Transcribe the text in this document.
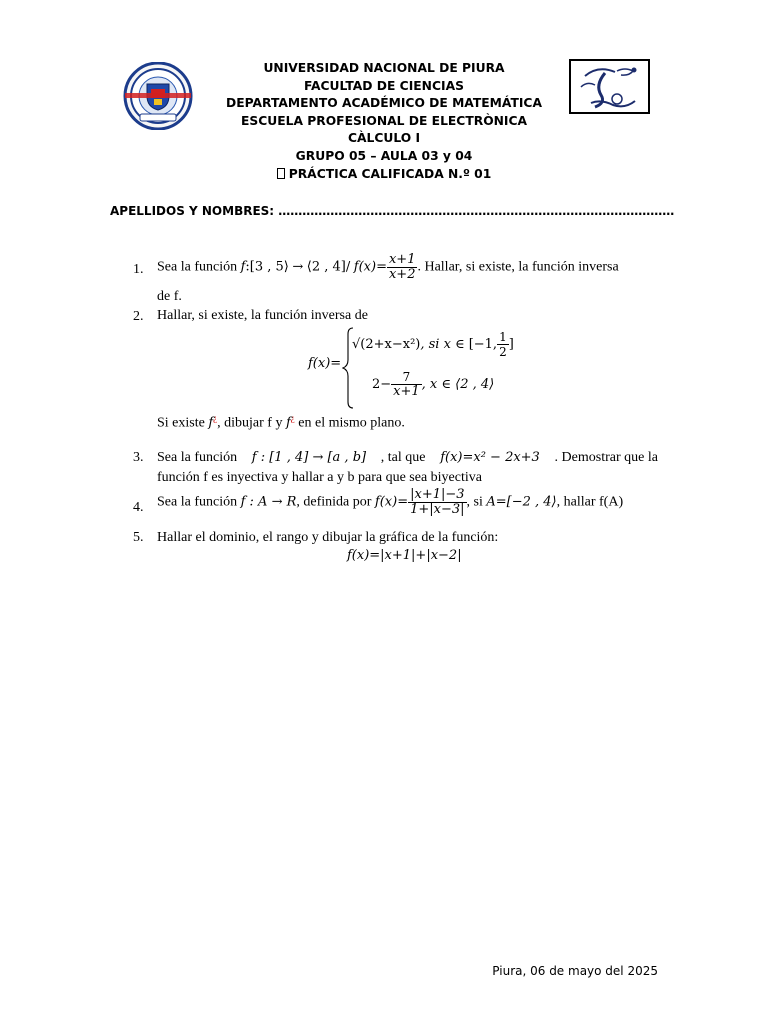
UNIVERSIDAD NACIONAL DE PIURA
FACULTAD DE CIENCIAS
DEPARTAMENTO ACADÉMICO DE MATEMÁTICA
ESCUELA PROFESIONAL DE ELECTRÒNICA
CÀLCULO I
GRUPO 05 – AULA 03 y 04
PRÁCTICA CALIFICADA N.º 01
APELLIDOS Y NOMBRES: ………………………………………………………………………………………
1. Sea la función f:[3 , 5⟩ → ⟨2 , 4]/ $f(x)= \frac{x+1}{x+2}$ . Hallar, si existe, la función inversa
de f.
2. Hallar, si existe, la función inversa de
f(x)=
√(2+x−x²), si x ∈ [−1, $\frac{1}{2}$ ]
$2- \frac{7}{x+1}$ , x ∈ ⟨2 , 4⟩
Si existe f¿, dibujar f y f¿ en el mismo plano.
3. Sea la función f : [1 , 4] → [a , b] , tal que f(x)=x² − 2x+3 . Demostrar que la
función f es inyectiva y hallar a y b para que sea biyectiva
4. Sea la función f : A → R, definida por $f(x)= \frac{|x+1|-3}{1+|x-3|}$ , si A=[−2 , 4⟩, hallar f(A)
5. Hallar el dominio, el rango y dibujar la gráfica de la función:
f(x)=|x+1|+|x−2|
Piura, 06 de mayo del 2025
